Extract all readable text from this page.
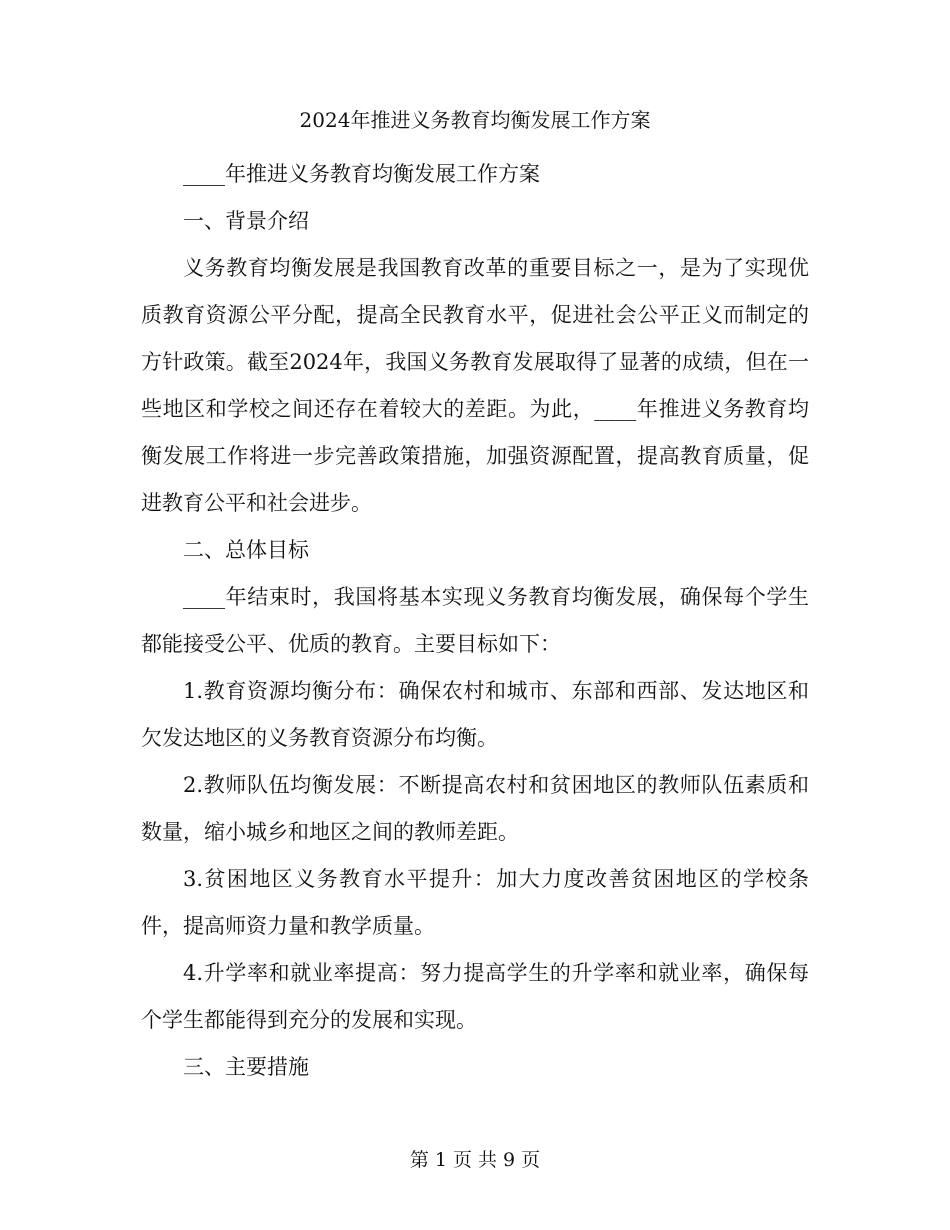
2024年推进义务教育均衡发展工作方案

____年推进义务教育均衡发展工作方案

一、背景介绍

义务教育均衡发展是我国教育改革的重要目标之一，是为了实现优质教育资源公平分配，提高全民教育水平，促进社会公平正义而制定的方针政策。截至2024年，我国义务教育发展取得了显著的成绩，但在一些地区和学校之间还存在着较大的差距。为此，____年推进义务教育均衡发展工作将进一步完善政策措施，加强资源配置，提高教育质量，促进教育公平和社会进步。

二、总体目标

____年结束时，我国将基本实现义务教育均衡发展，确保每个学生都能接受公平、优质的教育。主要目标如下：

1.教育资源均衡分布：确保农村和城市、东部和西部、发达地区和欠发达地区的义务教育资源分布均衡。

2.教师队伍均衡发展：不断提高农村和贫困地区的教师队伍素质和数量，缩小城乡和地区之间的教师差距。

3.贫困地区义务教育水平提升：加大力度改善贫困地区的学校条件，提高师资力量和教学质量。

4.升学率和就业率提高：努力提高学生的升学率和就业率，确保每个学生都能得到充分的发展和实现。

三、主要措施

第 1 页 共 9 页
